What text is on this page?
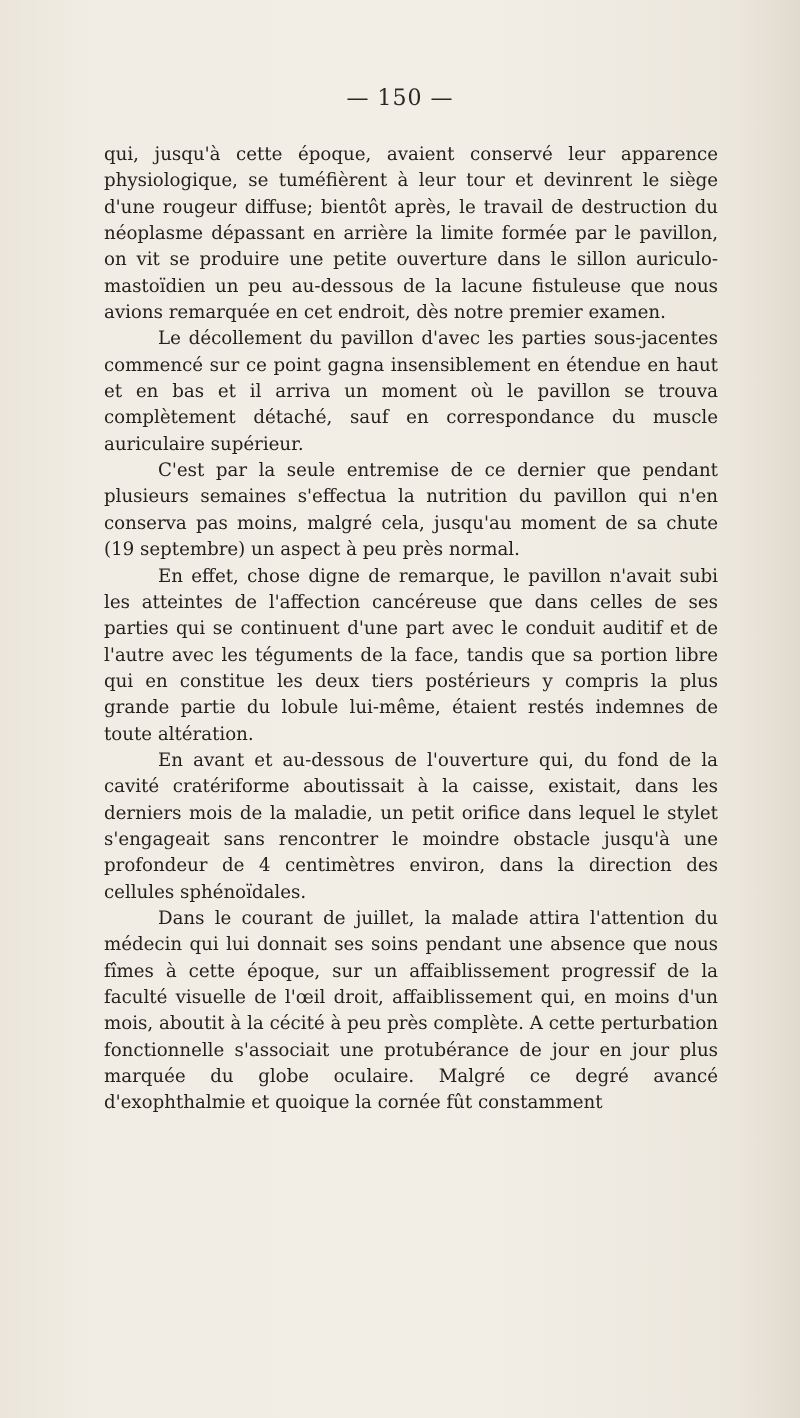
— 150 —

qui, jusqu'à cette époque, avaient conservé leur apparence physiologique, se tuméfièrent à leur tour et devinrent le siège d'une rougeur diffuse; bientôt après, le travail de destruction du néoplasme dépassant en arrière la limite formée par le pavillon, on vit se produire une petite ouverture dans le sillon auriculo-mastoïdien un peu au-dessous de la lacune fistuleuse que nous avions remarquée en cet endroit, dès notre premier examen.

Le décollement du pavillon d'avec les parties sous-jacentes commencé sur ce point gagna insensiblement en étendue en haut et en bas et il arriva un moment où le pavillon se trouva complètement détaché, sauf en correspondance du muscle auriculaire supérieur.

C'est par la seule entremise de ce dernier que pendant plusieurs semaines s'effectua la nutrition du pavillon qui n'en conserva pas moins, malgré cela, jusqu'au moment de sa chute (19 septembre) un aspect à peu près normal.

En effet, chose digne de remarque, le pavillon n'avait subi les atteintes de l'affection cancéreuse que dans celles de ses parties qui se continuent d'une part avec le conduit auditif et de l'autre avec les téguments de la face, tandis que sa portion libre qui en constitue les deux tiers postérieurs y compris la plus grande partie du lobule lui-même, étaient restés indemnes de toute altération.

En avant et au-dessous de l'ouverture qui, du fond de la cavité cratériforme aboutissait à la caisse, existait, dans les derniers mois de la maladie, un petit orifice dans lequel le stylet s'engageait sans rencontrer le moindre obstacle jusqu'à une profondeur de 4 centimètres environ, dans la direction des cellules sphénoïdales.

Dans le courant de juillet, la malade attira l'attention du médecin qui lui donnait ses soins pendant une absence que nous fîmes à cette époque, sur un affaiblissement progressif de la faculté visuelle de l'œil droit, affaiblissement qui, en moins d'un mois, aboutit à la cécité à peu près complète. A cette perturbation fonctionnelle s'associait une protubérance de jour en jour plus marquée du globe oculaire. Malgré ce degré avancé d'exophthalmie et quoique la cornée fût constamment
